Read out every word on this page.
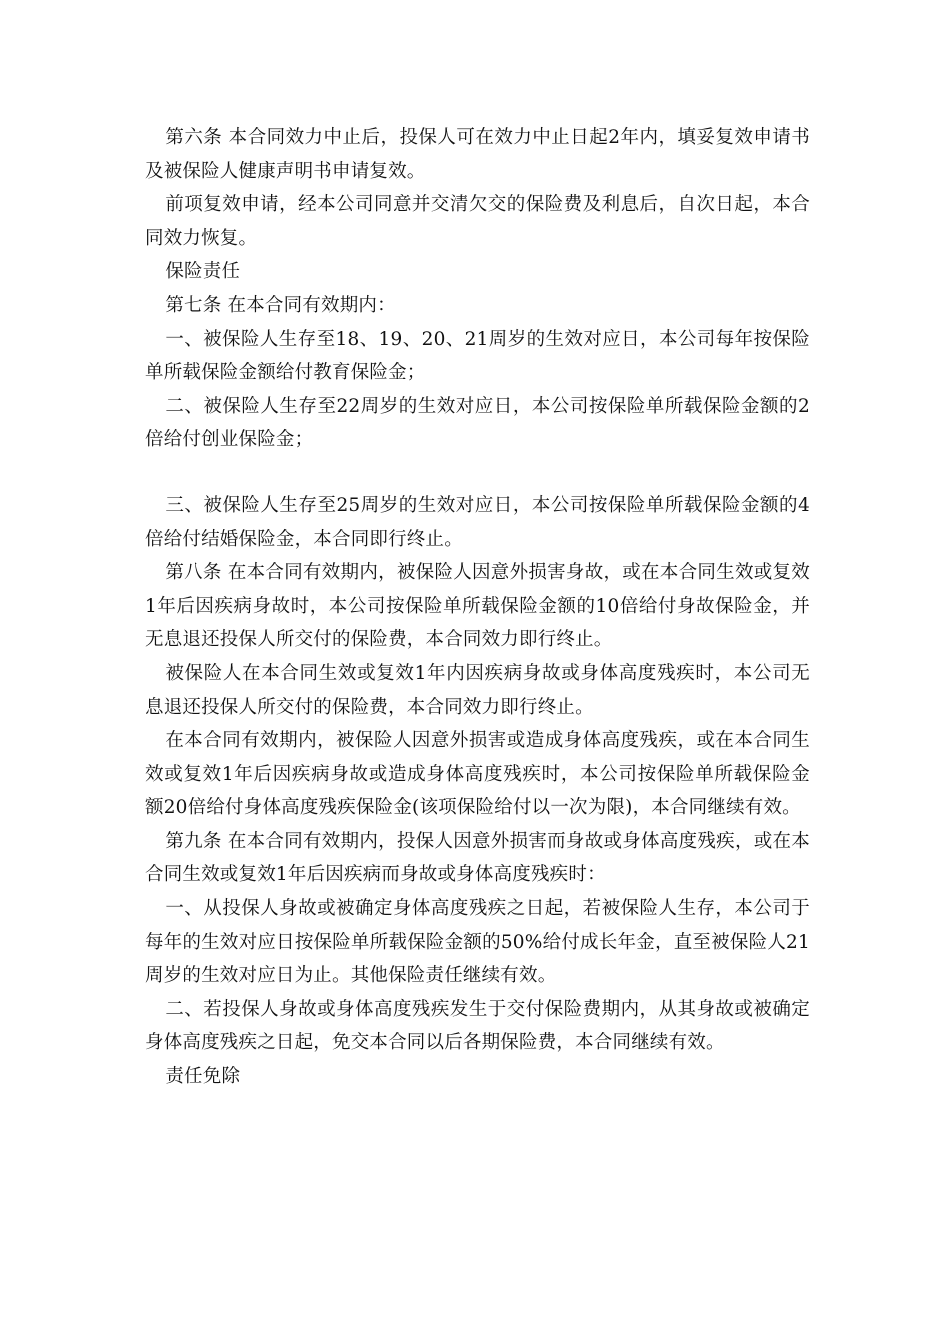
第六条 本合同效力中止后，投保人可在效力中止日起2年内，填妥复效申请书及被保险人健康声明书申请复效。

前项复效申请，经本公司同意并交清欠交的保险费及利息后，自次日起，本合同效力恢复。

保险责任

第七条 在本合同有效期内：

一、被保险人生存至18、19、20、21周岁的生效对应日，本公司每年按保险单所载保险金额给付教育保险金；

二、被保险人生存至22周岁的生效对应日，本公司按保险单所载保险金额的2倍给付创业保险金；

三、被保险人生存至25周岁的生效对应日，本公司按保险单所载保险金额的4倍给付结婚保险金，本合同即行终止。

第八条 在本合同有效期内，被保险人因意外损害身故，或在本合同生效或复效1年后因疾病身故时，本公司按保险单所载保险金额的10倍给付身故保险金，并无息退还投保人所交付的保险费，本合同效力即行终止。

被保险人在本合同生效或复效1年内因疾病身故或身体高度残疾时，本公司无息退还投保人所交付的保险费，本合同效力即行终止。

在本合同有效期内，被保险人因意外损害或造成身体高度残疾，或在本合同生效或复效1年后因疾病身故或造成身体高度残疾时，本公司按保险单所载保险金额20倍给付身体高度残疾保险金(该项保险给付以一次为限)，本合同继续有效。

第九条 在本合同有效期内，投保人因意外损害而身故或身体高度残疾，或在本合同生效或复效1年后因疾病而身故或身体高度残疾时：

一、从投保人身故或被确定身体高度残疾之日起，若被保险人生存，本公司于每年的生效对应日按保险单所载保险金额的50%给付成长年金，直至被保险人21周岁的生效对应日为止。其他保险责任继续有效。

二、若投保人身故或身体高度残疾发生于交付保险费期内，从其身故或被确定身体高度残疾之日起，免交本合同以后各期保险费，本合同继续有效。

责任免除
